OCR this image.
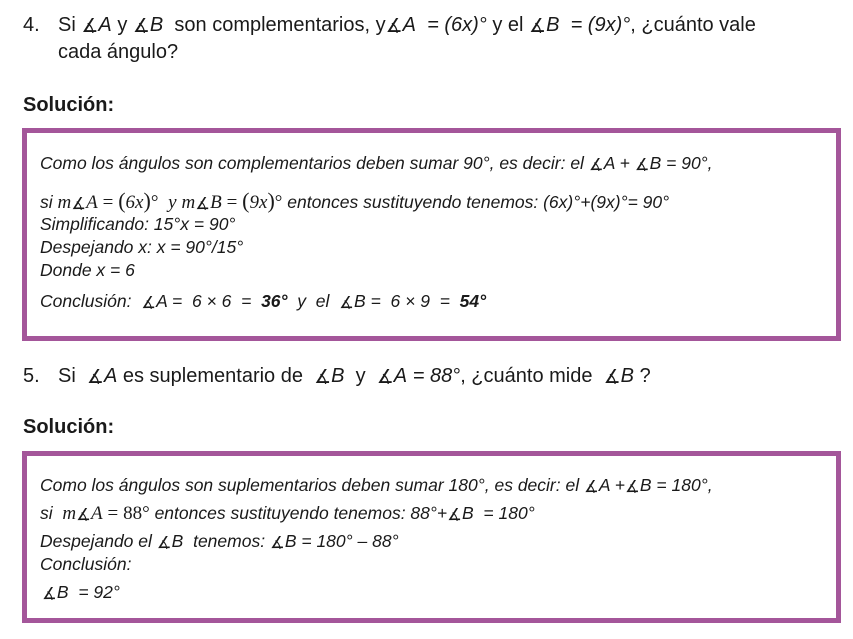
4. Si ∡A y ∡B son complementarios, y∡A = (6x)° y el ∡B = (9x)°, ¿cuánto vale
cada ángulo?
Solución:
Como los ángulos son complementarios deben sumar 90°, es decir: el ∡A + ∡B = 90°,
si m∡A = (6x)° y m∡B = (9x)° entonces sustituyendo tenemos: (6x)°+(9x)°= 90°
Simplificando: 15°x = 90°
Despejando x: x = 90°/15°
Donde x = 6
Conclusión: ∡A = 6 × 6 = 36° y el ∡B = 6 × 9 = 54°
5. Si ∡A es suplementario de ∡B y ∡A = 88°, ¿cuánto mide ∡B ?
Solución:
Como los ángulos son suplementarios deben sumar 180°, es decir: el ∡A +∡B = 180°,
si m∡A = 88° entonces sustituyendo tenemos: 88°+∡B = 180°
Despejando el ∡B tenemos: ∡B = 180° – 88°
Conclusión:
∡B = 92°
